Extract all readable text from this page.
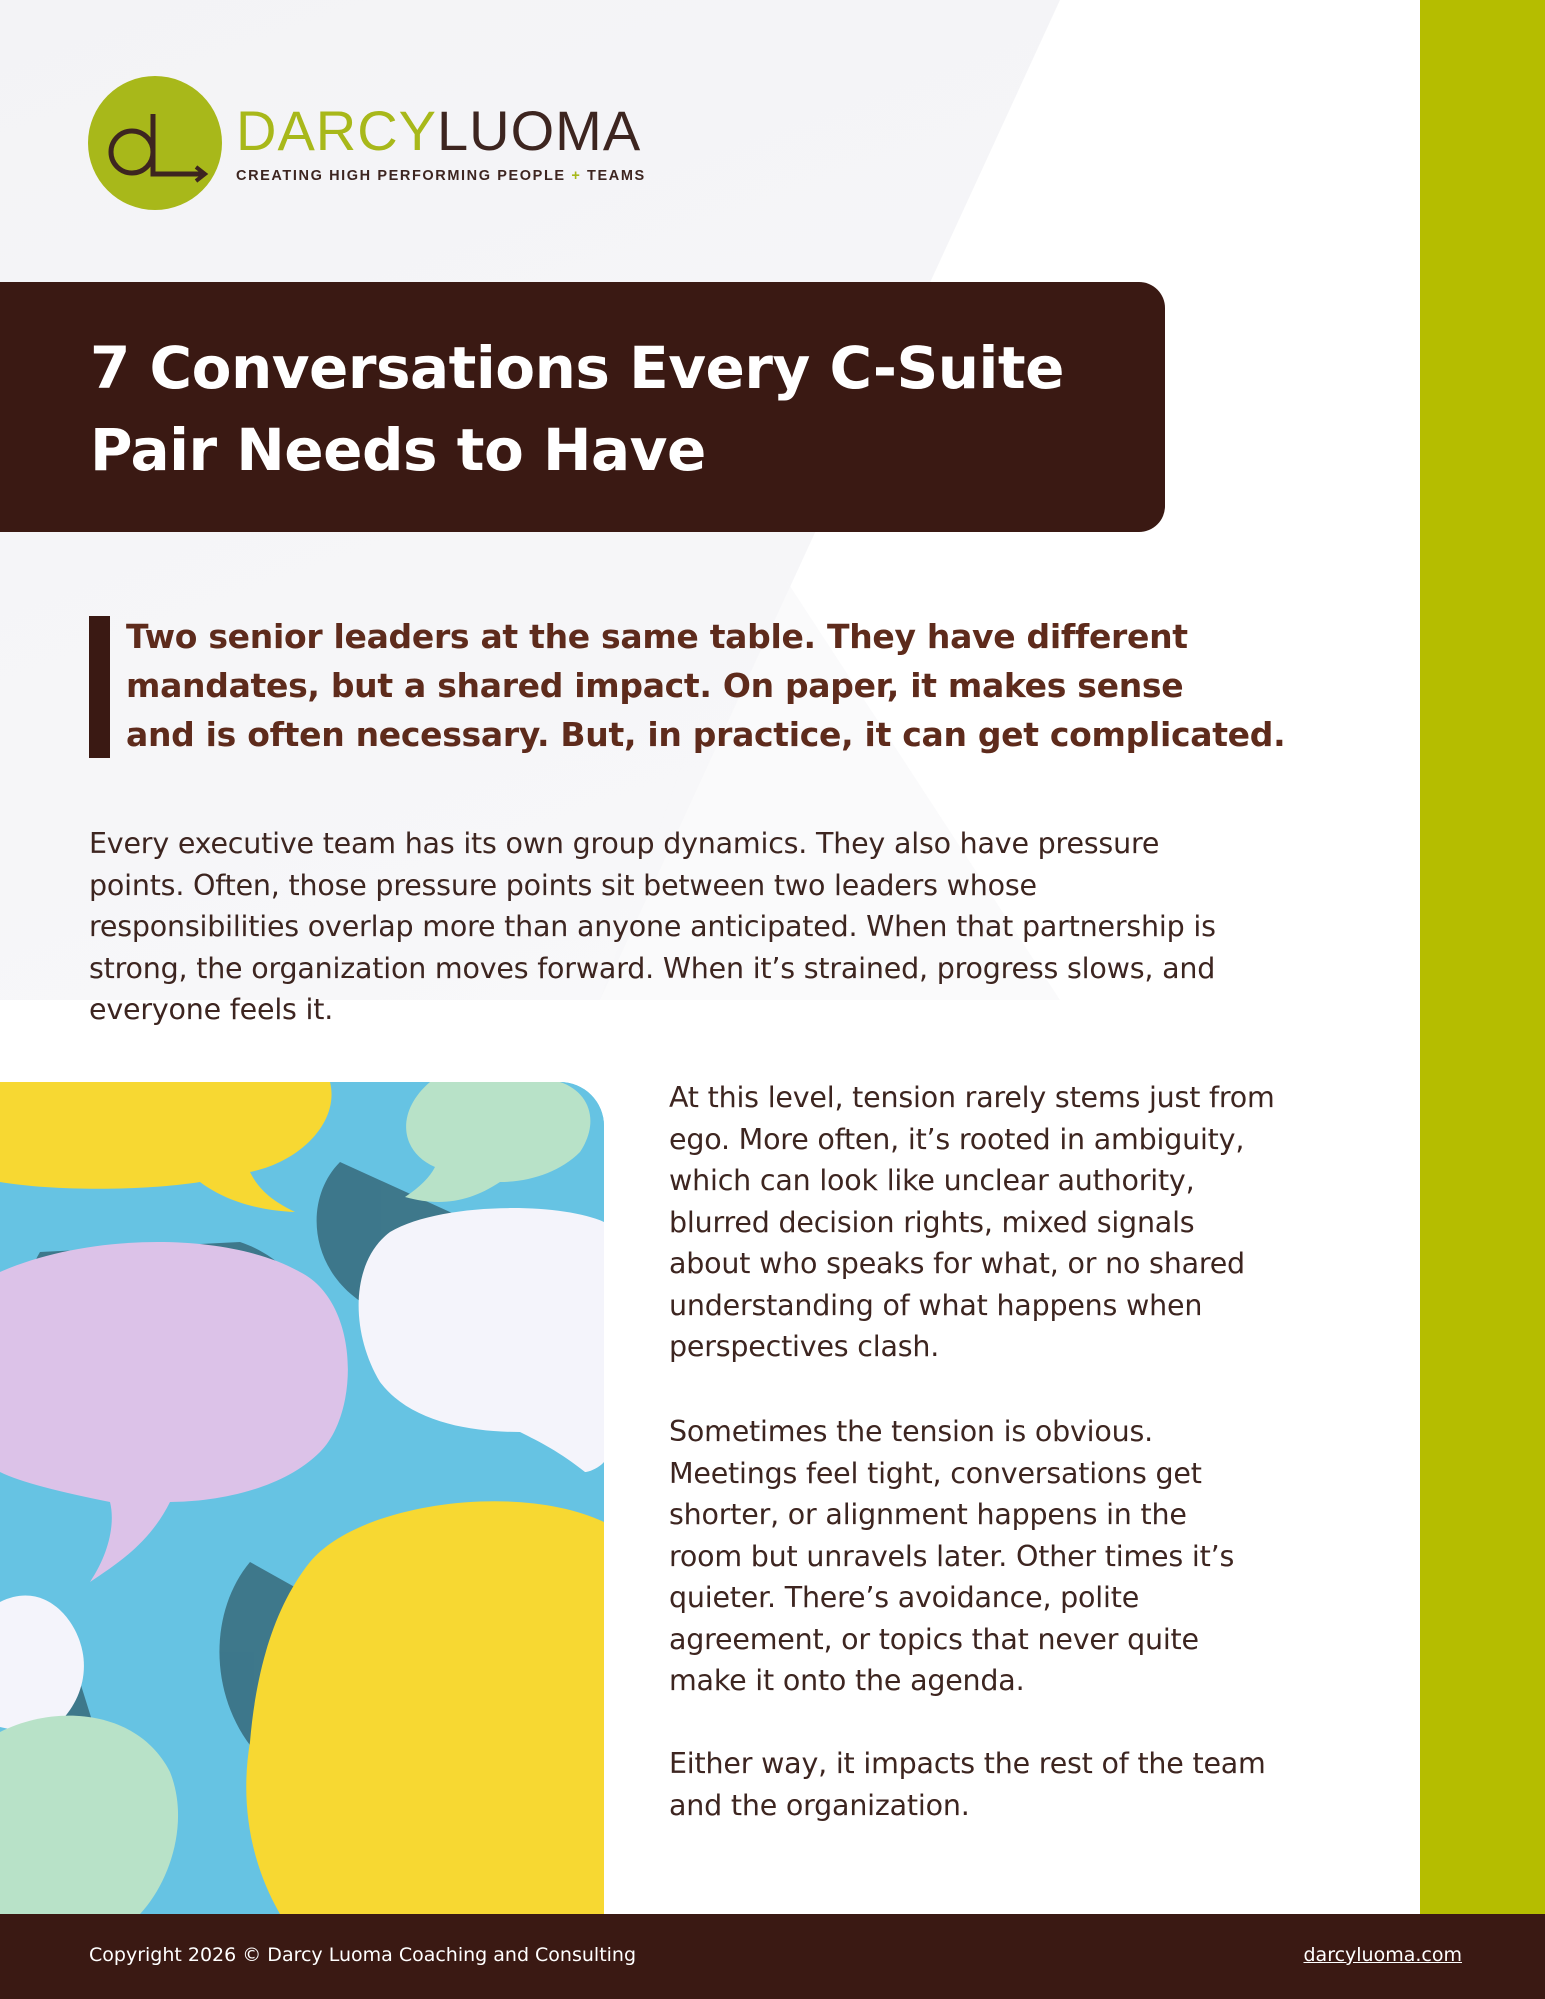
DARCYLUOMA
CREATING HIGH PERFORMING PEOPLE + TEAMS
7 Conversations Every C-Suite
Pair Needs to Have

Two senior leaders at the same table. They have different
mandates, but a shared impact. On paper, it makes sense
and is often necessary. But, in practice, it can get complicated.

Every executive team has its own group dynamics. They also have pressure
points. Often, those pressure points sit between two leaders whose
responsibilities overlap more than anyone anticipated. When that partnership is
strong, the organization moves forward. When it’s strained, progress slows, and
everyone feels it.

At this level, tension rarely stems just from
ego. More often, it’s rooted in ambiguity,
which can look like unclear authority,
blurred decision rights, mixed signals
about who speaks for what, or no shared
understanding of what happens when
perspectives clash.

Sometimes the tension is obvious.
Meetings feel tight, conversations get
shorter, or alignment happens in the
room but unravels later. Other times it’s
quieter. There’s avoidance, polite
agreement, or topics that never quite
make it onto the agenda.

Either way, it impacts the rest of the team
and the organization.

Copyright 2026 © Darcy Luoma Coaching and Consulting	darcyluoma.com
